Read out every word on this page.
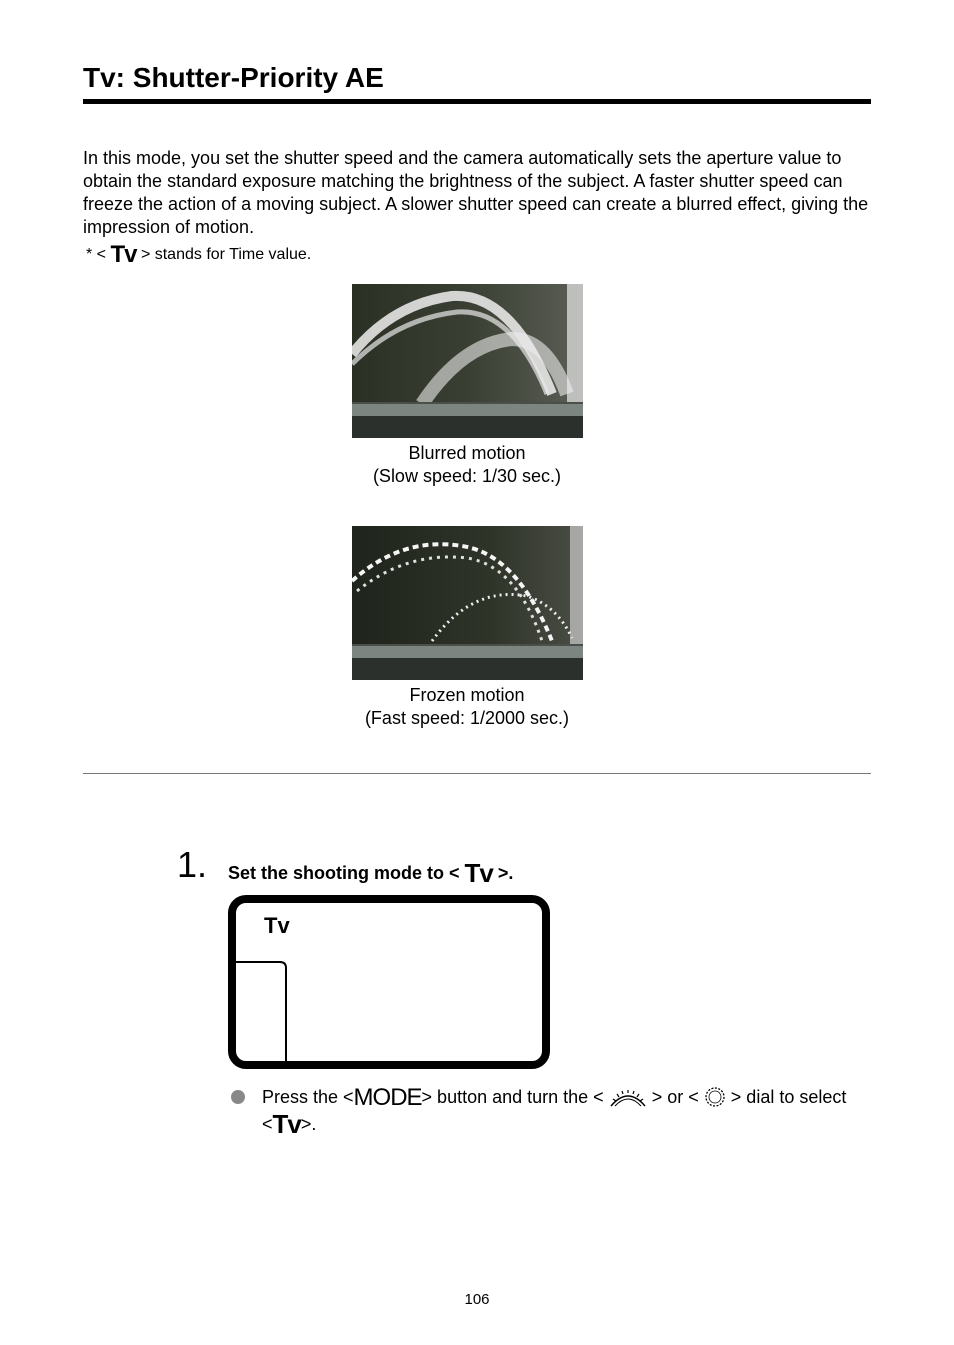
Tv: Shutter-Priority AE

In this mode, you set the shutter speed and the camera automatically sets the aperture value to obtain the standard exposure matching the brightness of the subject. A faster shutter speed can freeze the action of a moving subject. A slower shutter speed can create a blurred effect, giving the impression of motion.

* < Tv > stands for Time value.
Blurred motion
(Slow speed: 1/30 sec.)
Frozen motion
(Fast speed: 1/2000 sec.)
1. Set the shooting mode to < Tv >.
Tv
Press the <MODE> button and turn the <	> or < > dial to select <Tv>.
106
